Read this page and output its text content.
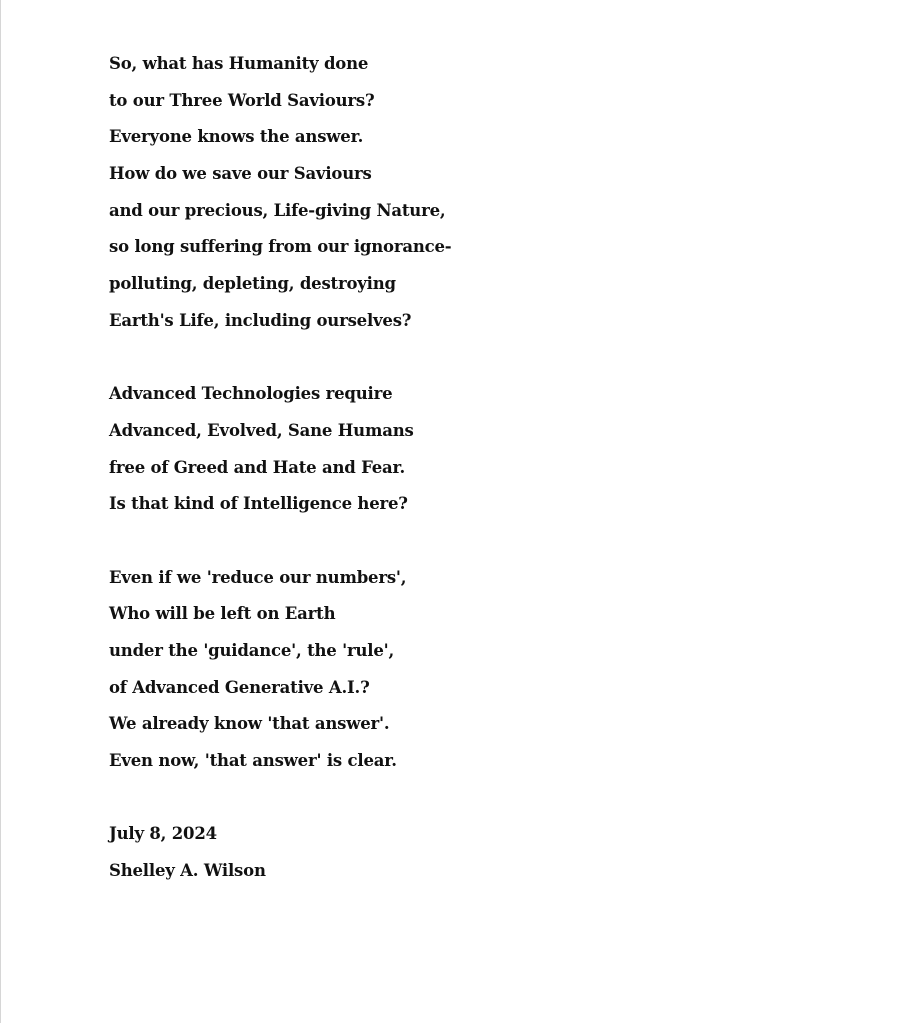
So, what has Humanity done
to our Three World Saviours?
Everyone knows the answer.
How do we save our Saviours
and our precious, Life-giving Nature,
so long suffering from our ignorance-
polluting, depleting, destroying
Earth's Life, including ourselves?
Advanced Technologies require
Advanced, Evolved, Sane Humans
free of Greed and Hate and Fear.
Is that kind of Intelligence here?
Even if we 'reduce our numbers',
Who will be left on Earth
under the 'guidance', the 'rule',
of Advanced Generative A.I.?
We already know 'that answer'.
Even now, 'that answer' is clear.
July 8, 2024
Shelley A. Wilson
